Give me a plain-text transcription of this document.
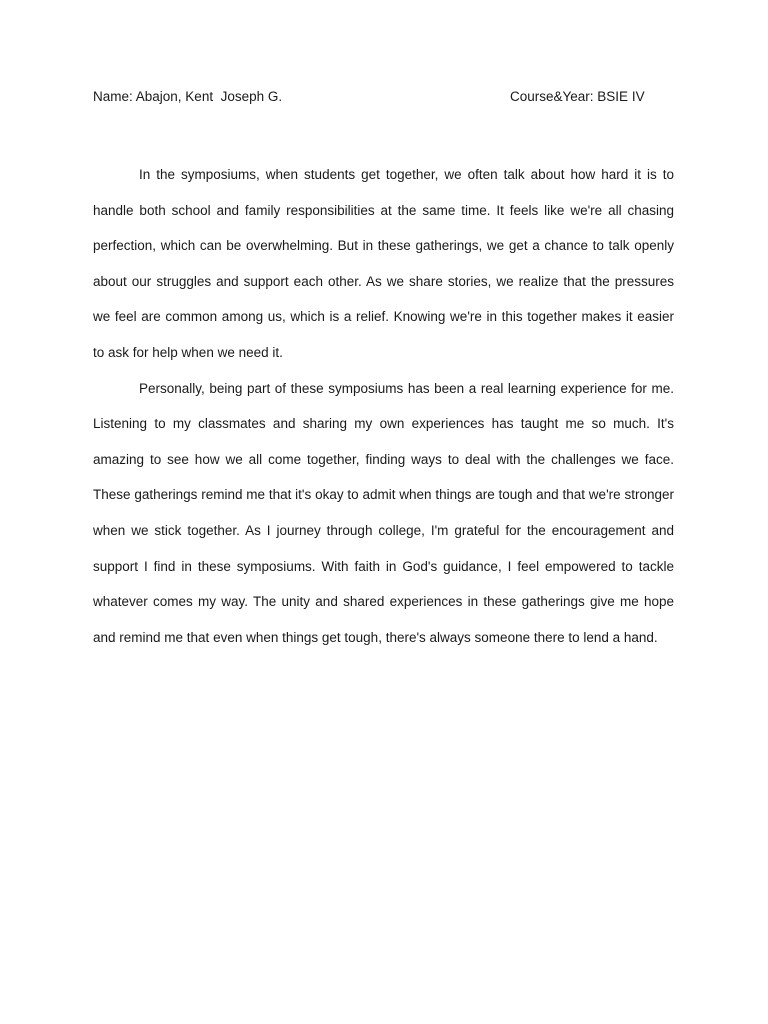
Name: Abajon, Kent  Joseph G.	Course&Year: BSIE IV

In the symposiums, when students get together, we often talk about how hard it is to handle both school and family responsibilities at the same time. It feels like we're all chasing perfection, which can be overwhelming. But in these gatherings, we get a chance to talk openly about our struggles and support each other. As we share stories, we realize that the pressures we feel are common among us, which is a relief. Knowing we're in this together makes it easier to ask for help when we need it.

Personally, being part of these symposiums has been a real learning experience for me. Listening to my classmates and sharing my own experiences has taught me so much. It's amazing to see how we all come together, finding ways to deal with the challenges we face. These gatherings remind me that it's okay to admit when things are tough and that we're stronger when we stick together. As I journey through college, I'm grateful for the encouragement and support I find in these symposiums. With faith in God's guidance, I feel empowered to tackle whatever comes my way. The unity and shared experiences in these gatherings give me hope and remind me that even when things get tough, there's always someone there to lend a hand.
